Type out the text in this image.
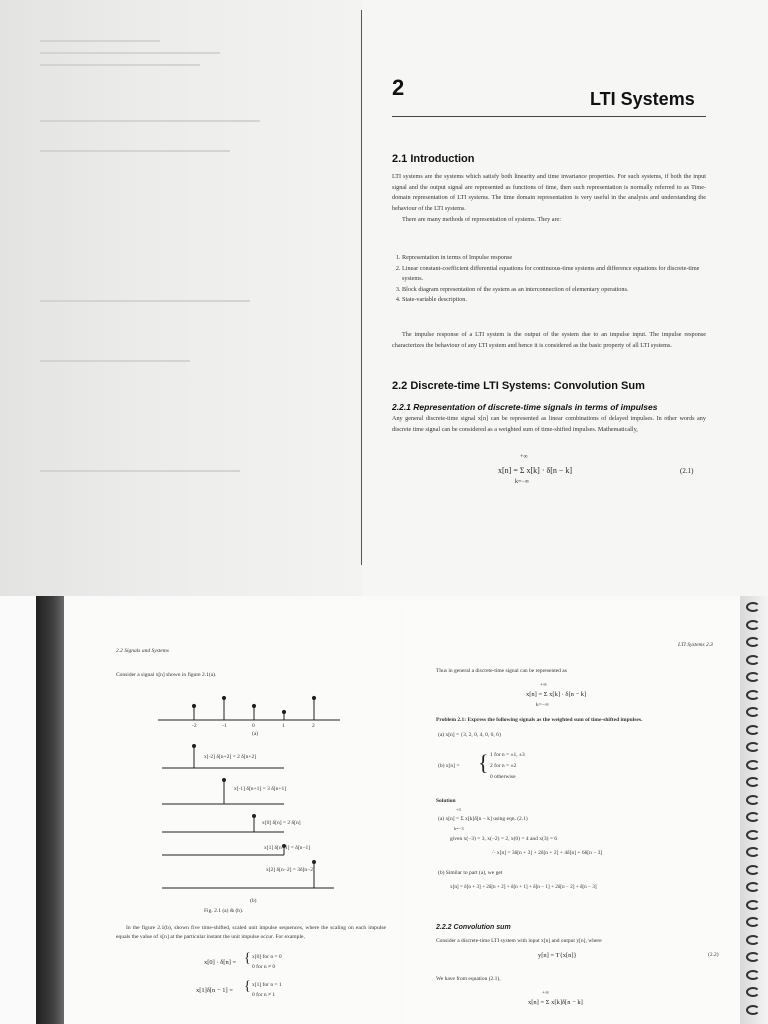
2	LTI Systems
2.1 Introduction

LTI systems are the systems which satisfy both linearity and time invariance properties. For such systems, if both the input signal and the output signal are represented as functions of time, then such representation is normally referred to as Time-domain representation of LTI systems. The time domain representation is very useful in the analysis and understanding the behaviour of the LTI systems.

There are many methods of representation of systems. They are:

1. Representation in terms of Impulse response
2. Linear constant-coefficient differential equations for continuous-time systems and difference equations for discrete-time systems.
3. Block diagram representation of the system as an interconnection of elementary operations.
4. State-variable description.
The impulse response of a LTI system is the output of the system due to an impulse input. The impulse response characterizes the behaviour of any LTI system and hence it is considered as the basic property of all LTI systems.
2.2 Discrete-time LTI Systems: Convolution Sum
2.2.1 Representation of discrete-time signals in terms of impulses
Any general discrete-time signal x[n] can be represented as linear combinations of delayed impulses. In other words any discrete time signal can be considered as a weighted sum of time-shifted impulses. Mathematically,
+∞
x[n] = Σ x[k] · δ[n − k]
k=−∞
(2.1)
2.2 Signals and Systems
Consider a signal x[n] shown in figure 2.1(a).
-2	-1	0	1	2
(a)
x[-2] δ[n+2] = 2 δ[n+2]
x[-1] δ[n+1] = 3 δ[n+1]
x[0] δ[n] = 2 δ[n]
x[1] δ[n−1] = δ[n−1]
x[2] δ[n−2] = 3δ[n−2]
(b)
Fig. 2.1 (a) & (b).
In the figure 2.1(b), shown five time-shifted, scaled unit impulse sequences, where the scaling on each impulse equals the value of x[n] at the particular instant the unit impulse occur. For example,
x[0] · δ[n] = { x[0] for n = 0
0 for n ≠ 0
x[1]δ[n − 1] = { x[1] for n = 1
0 for n ≠ 1
LTI Systems 2.3
Thus in general a discrete-time signal can be represented as
+∞
x[n] = Σ x[k] · δ[n − k]
k=−∞
Problem 2.1: Express the following signals as the weighted sum of time-shifted impulses.
(a) x[n] = {3, 2, 0, 4, 0, 0, 6}
(b) x[n] = { 1 for n = ±1, ±3
2 for n = ±2
0 otherwise
Solution
+3
(a) x[n] = Σ x[k]δ[n − k] using eqn. (2.1)
k=−3
given x(−3) = 3, x(−2) = 2, x(0) = 4 and x(3) = 6
∴ x[n] = 3δ[n + 3] + 2δ[n + 2] + 4δ[n] + 6δ[n − 3]
(b) Similar to part (a), we get
x[n] = δ[n + 3] + 2δ[n + 2] + δ[n + 1] + δ[n − 1] + 2δ[n − 2] + δ[n − 3]
2.2.2 Convolution sum
Consider a discrete-time LTI system with input x[n] and output y[n], where
y[n] = T{x[n]}	(2.2)
We have from equation (2.1),
+∞
x[n] = Σ x[k]δ[n − k]
